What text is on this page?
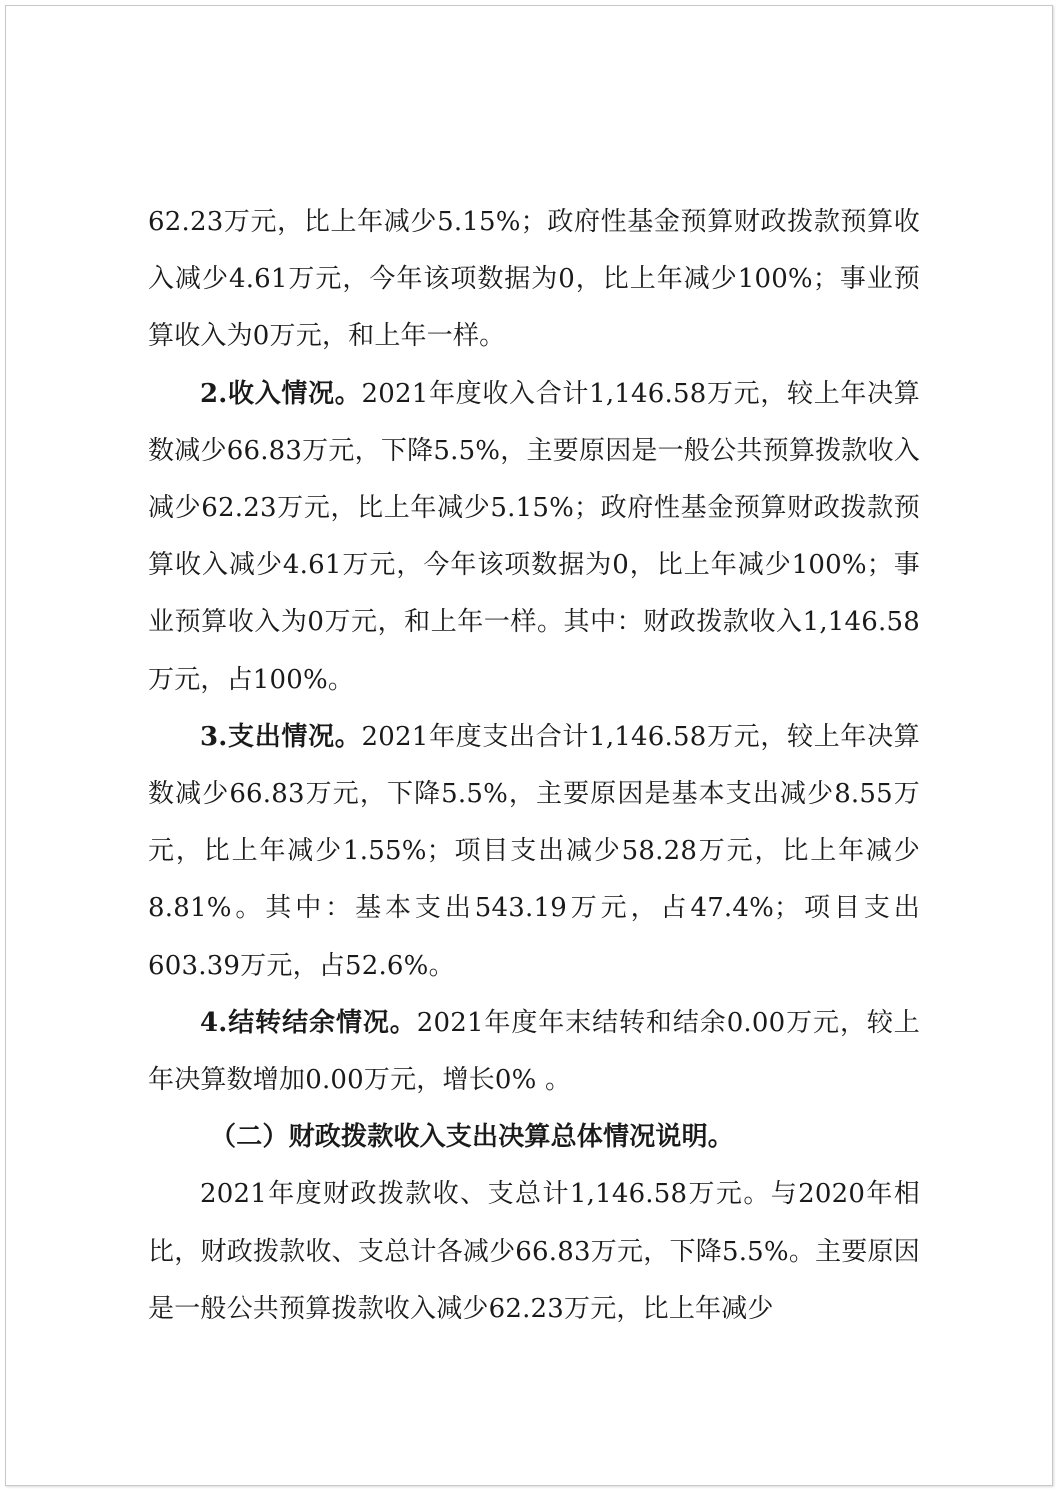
62.23万元，比上年减少5.15%；政府性基金预算财政拨款预算收入减少4.61万元，今年该项数据为0，比上年减少100%；事业预算收入为0万元，和上年一样。

2.收入情况。2021年度收入合计1,146.58万元，较上年决算数减少66.83万元，下降5.5%，主要原因是一般公共预算拨款收入减少62.23万元，比上年减少5.15%；政府性基金预算财政拨款预算收入减少4.61万元，今年该项数据为0，比上年减少100%；事业预算收入为0万元，和上年一样。其中：财政拨款收入1,146.58万元，占100%。

3.支出情况。2021年度支出合计1,146.58万元，较上年决算数减少66.83万元，下降5.5%，主要原因是基本支出减少8.55万元，比上年减少1.55%；项目支出减少58.28万元，比上年减少8.81%。其中：基本支出543.19万元，占47.4%；项目支出603.39万元，占52.6%。

4.结转结余情况。2021年度年末结转和结余0.00万元，较上年决算数增加0.00万元，增长0% 。

（二）财政拨款收入支出决算总体情况说明。

2021年度财政拨款收、支总计1,146.58万元。与2020年相比，财政拨款收、支总计各减少66.83万元，下降5.5%。主要原因是一般公共预算拨款收入减少62.23万元，比上年减少
